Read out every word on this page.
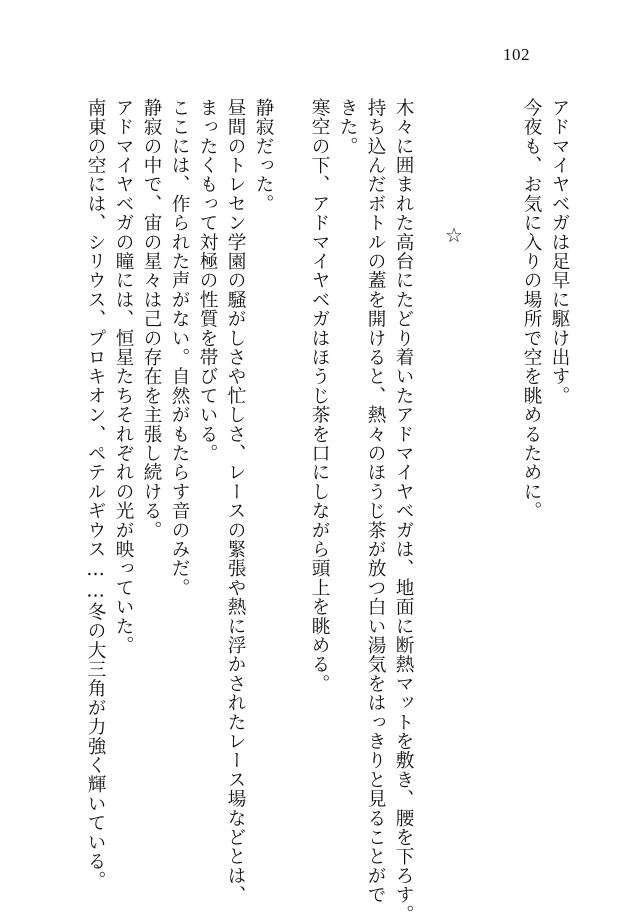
102
アドマイヤベガは足早に駆け出す。
今夜も、お気に入りの場所で空を眺めるために。
☆
木々に囲まれた高台にたどり着いたアドマイヤベガは、地面に断熱マットを敷き、腰を下ろす。
持ち込んだボトルの蓋を開けると、熱々のほうじ茶が放つ白い湯気をはっきりと見ることがで
きた。
寒空の下、アドマイヤベガはほうじ茶を口にしながら頭上を眺める。
静寂だった。
昼間のトレセン学園の騒がしさや忙しさ、レースの緊張や熱に浮かされたレース場などとは、
まったくもって対極の性質を帯びている。
ここには、作られた声がない。自然がもたらす音のみだ。
静寂の中で、宙の星々は己の存在を主張し続ける。
アドマイヤベガの瞳には、恒星たちそれぞれの光が映っていた。
南東の空には、シリウス、プロキオン、ペテルギウス……冬の大三角が力強く輝いている。
